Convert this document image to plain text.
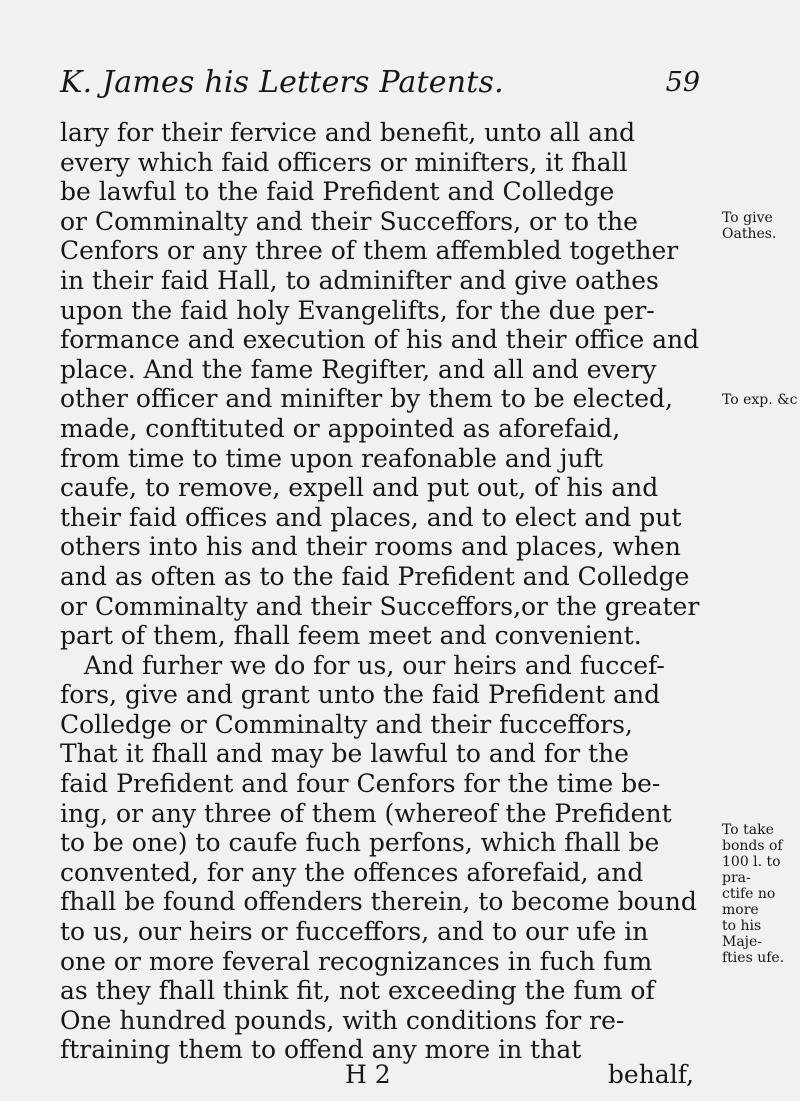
K. James his Letters Patents.	59
lary for their fervice and benefit, unto all and
every which faid officers or minifters, it fhall
be lawful to the faid Prefident and Colledge
or Comminalty and their Succeffors, or to the
Cenfors or any three of them affembled together
in their faid Hall, to adminifter and give oathes
upon the faid holy Evangelifts, for the due per-
formance and execution of his and their office and
place. And the fame Regifter, and all and every
other officer and minifter by them to be elected,
made, conftituted or appointed as aforefaid,
from time to time upon reafonable and juft
caufe, to remove, expell and put out, of his and
their faid offices and places, and to elect and put
others into his and their rooms and places, when
and as often as to the faid Prefident and Colledge
or Comminalty and their Succeffors,or the greater
part of them, fhall feem meet and convenient.
And furher we do for us, our heirs and fuccef-
fors, give and grant unto the faid Prefident and
Colledge or Comminalty and their fucceffors,
That it fhall and may be lawful to and for the
faid Prefident and four Cenfors for the time be-
ing, or any three of them (whereof the Prefident
to be one) to caufe fuch perfons, which fhall be
convented, for any the offences aforefaid, and
fhall be found offenders therein, to become bound
to us, our heirs or fucceffors, and to our ufe in
one or more feveral recognizances in fuch fum
as they fhall think fit, not exceeding the fum of
One hundred pounds, with conditions for re-
ftraining them to offend any more in that
H 2	behalf,
To give
Oathes.
To exp. &c
To take
bonds of
100 l. to pra-
ctife no more
to his Maje-
fties ufe.
